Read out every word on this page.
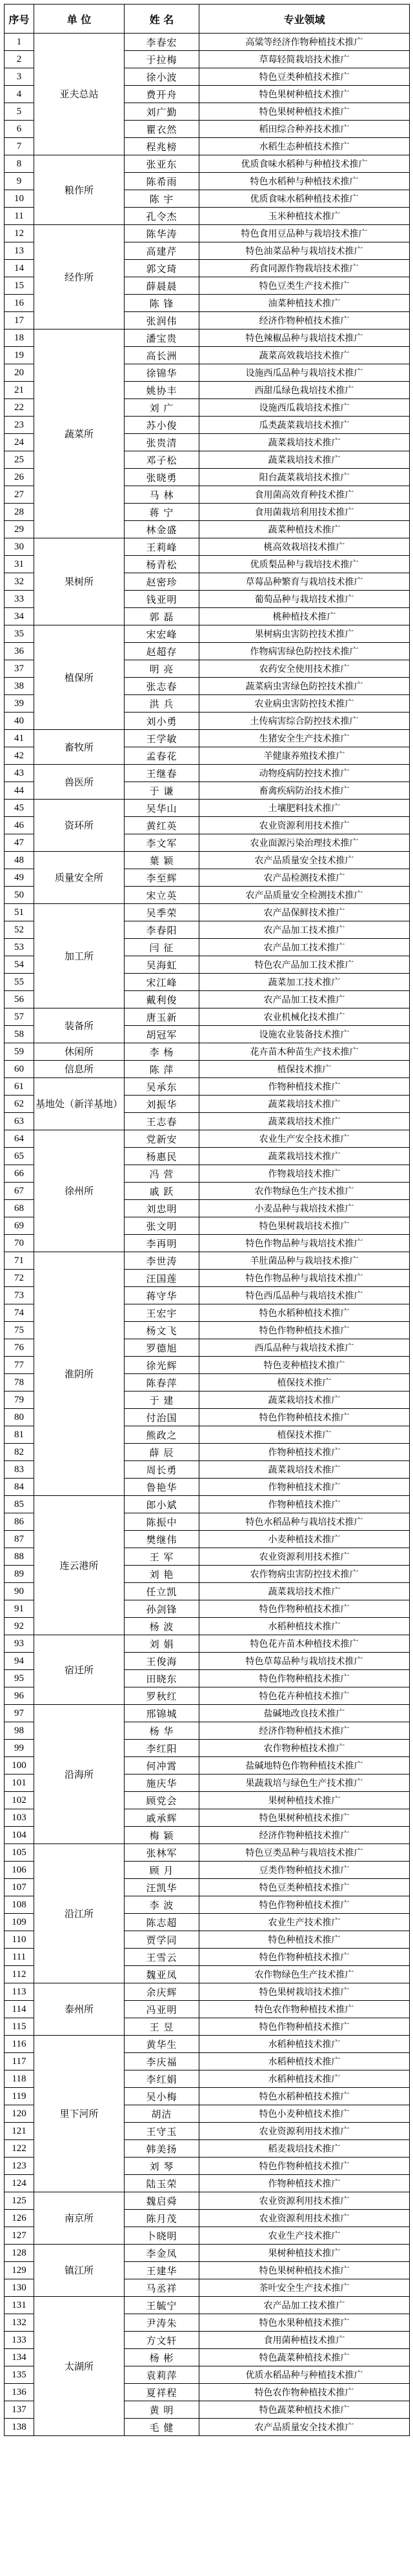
序号	单 位	姓 名	专业领域
1	亚夫总站	李春宏	高粱等经济作物种植技术推广
2		于拉梅	草莓轻简栽培技术推广
3		徐小波	特色豆类种植技术推广
4		费开舟	特色果树种植技术推广
5		刘广勤	特色果树种植技术推广
6		瞿衣然	稻田综合种养技术推广
7		程兆榜	水稻生态种植技术推广
8	粮作所	张亚东	优质食味水稻种与种植技术推广
9		陈希雨	特色水稻种与种植技术推广
10		陈 宇	优质食味水稻种植技术推广
11		孔令杰	玉米种植技术推广
12	经作所	陈华涛	特色食用豆品种与栽培技术推广
13		高建芹	特色油菜品种与栽培技术推广
14		郭文琦	药食同源作物栽培技术推广
15		薛晨晨	特色豆类生产技术推广
16		陈 锋	油菜种植技术推广
17		张润伟	经济作物种植技术推广
18	蔬菜所	潘宝贵	特色辣椒品种与栽培技术推广
19		高长洲	蔬菜高效栽培技术推广
20		徐锦华	设施西瓜品种与栽培技术推广
21		姚协丰	西甜瓜绿色栽培技术推广
22		刘 广	设施西瓜栽培技术推广
23		苏小俊	瓜类蔬菜栽培技术推广
24		张贵清	蔬菜栽培技术推广
25		邓子松	蔬菜栽培技术推广
26		张晓勇	阳台蔬菜栽培技术推广
27		马 林	食用菌高效育种技术推广
28		蒋 宁	食用菌栽培利用技术推广
29		林金盛	蔬菜种植技术推广
30	果树所	王莉峰	桃高效栽培技术推广
31		杨青松	优质梨品种与栽培技术推广
32		赵密珍	草莓品种繁育与栽培技术推广
33		钱亚明	葡萄品种与栽培技术推广
34		郭 磊	桃种植技术推广
35	植保所	宋宏峰	果树病虫害防控技术推广
36		赵超存	作物病害绿色防控技术推广
37		明 亮	农药安全使用技术推广
38		张志春	蔬菜病虫害绿色防控技术推广
39		洪 兵	农业病虫害防控技术推广
40		刘小勇	土传病害综合防控技术推广
41	畜牧所	王学敏	生猪安全生产技术推广
42		孟春花	羊健康养殖技术推广
43	兽医所	王继春	动物疫病防控技术推广
44		于 谦	畜禽疾病防治技术推广
45	资环所	吴华山	土壤肥料技术推广
46		黄红英	农业资源利用技术推广
47		李文军	农业面源污染治理技术推广
48	质量安全所	葉 颖	农产品质量安全技术推广
49		李至辉	农产品检测技术推广
50		宋立英	农产品质量安全检测技术推广
51	加工所	吴季荣	农产品保鲜技术推广
52		李春阳	农产品加工技术推广
53		闫 征	农产品加工技术推广
54		吴海虹	特色农产品加工技术推广
55		宋江峰	蔬菜加工技术推广
56		戴利俊	农产品加工技术推广
57	装备所	唐玉新	农业机械化技术推广
58		胡冠军	设施农业装备技术推广
59	休闲所	李 杨	花卉苗木种苗生产技术推广
60	信息所	陈 萍	植保技术推广
61	基地处（新洋基地）	吴承东	作物种植技术推广
62		刘振华	蔬菜栽培技术推广
63		王志春	蔬菜栽培技术推广
64	徐州所	党新安	农业生产安全技术推广
65		杨惠民	蔬菜栽培技术推广
66		冯 营	作物栽培技术推广
67		戚 跃	农作物绿色生产技术推广
68		刘忠明	小麦品种与栽培技术推广
69		张文明	特色果树栽培技术推广
70		李再明	特色作物品种与栽培技术推广
71	淮阴所	李世涛	羊肚菌品种与栽培技术推广
72		汪国莲	特色作物品种与栽培技术推广
73		蒋守华	特色西瓜品种与栽培技术推广
74		王宏宇	特色水稻种植技术推广
75		杨文飞	特色作物种植技术推广
76		罗德旭	西瓜品种与栽培技术推广
77		徐光辉	特色麦种植技术推广
78		陈春萍	植保技术推广
79		于 建	蔬菜栽培技术推广
80		付治国	特色作物种植技术推广
81		熊政之	植保技术推广
82		薛 辰	作物种植技术推广
83		周长勇	蔬菜栽培技术推广
84		鲁艳华	作物种植技术推广
85	连云港所	郎小斌	作物种植技术推广
86		陈振中	特色水稻品种与栽培技术推广
87		樊继伟	小麦种植技术推广
88		王 军	农业资源利用技术推广
89		刘 艳	农作物病虫害防控技术推广
90		任立凯	蔬菜栽培技术推广
91		孙剑锋	特色作物种植技术推广
92		杨 波	水稻种植技术推广
93	宿迁所	刘 娟	特色花卉苗木种植技术推广
94		王俊海	特色草莓品种与栽培技术推广
95		田晓东	特色作物种植技术推广
96		罗秋红	特色花卉种植技术推广
97	沿海所	邢锦城	盐碱地改良技术推广
98		杨 华	经济作物种植技术推广
99		李红阳	农作物种植技术推广
100		何冲霄	盐碱地特色作物种植技术推广
101		施庆华	果蔬栽培与绿色生产技术推广
102		顾党会	果树种植技术推广
103		戚承辉	特色果树种植技术推广
104		梅 颖	经济作物种植技术推广
105	沿江所	张林军	特色豆类品种与栽培技术推广
106		顾 月	豆类作物种植技术推广
107		汪凯华	特色豆类种植技术推广
108		李 波	特色作物种植技术推广
109		陈志超	农业生产技术推广
110		贾学同	特色种植技术推广
111		王雪云	特色作物种植技术推广
112		魏亚凤	农作物绿色生产技术推广
113	泰州所	余庆辉	特色果树栽培技术推广
114		冯亚明	特色农作物种植技术推广
115		王 昱	特色作物种植技术推广
116	里下河所	黄华生	水稻种植技术推广
117		李庆福	水稻种植技术推广
118		李红娟	水稻种植技术推广
119		吴小梅	特色水稻种植技术推广
120		胡洁	特色小麦种植技术推广
121		王守玉	农业资源利用技术推广
122		韩美扬	稻麦栽培技术推广
123		刘 琴	特色作物种植技术推广
124		陆玉荣	作物种植技术推广
125	南京所	魏启舜	农业资源利用技术推广
126		陈月茂	农业资源利用技术推广
127		卜晓明	农业生产技术推广
128	镇江所	李金凤	果树种植技术推广
129		王建华	特色果树种植技术推广
130		马丞祥	茶叶安全生产技术推广
131	太湖所	王毓宁	农产品加工技术推广
132		尹涛朱	特色水果种植技术推广
133		方文轩	食用菌种植技术推广
134		杨 彬	特色蔬菜种植技术推广
135		袁莉萍	优质水稻品种与种植技术推广
136		夏祥程	特色农作物种植技术推广
137		黄 明	特色蔬菜种植技术推广
138		毛 健	农产品质量安全技术推广
